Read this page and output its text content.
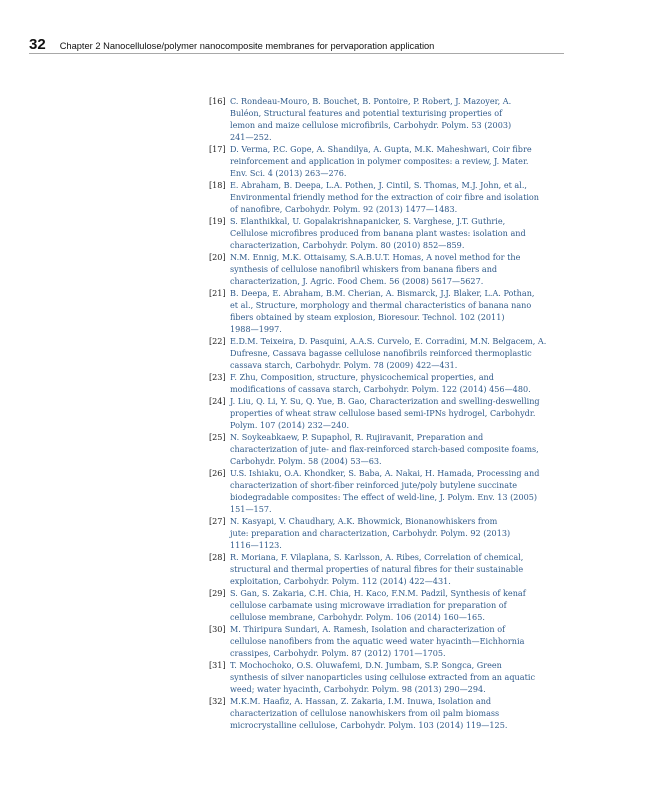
32 Chapter 2 Nanocellulose/polymer nanocomposite membranes for pervaporation application
[16] C. Rondeau-Mouro, B. Bouchet, B. Pontoire, P. Robert, J. Mazoyer, A.
Buléon, Structural features and potential texturising properties of
lemon and maize cellulose microfibrils, Carbohydr. Polym. 53 (2003)
241—252.
[17] D. Verma, P.C. Gope, A. Shandilya, A. Gupta, M.K. Maheshwari, Coir fibre
reinforcement and application in polymer composites: a review, J. Mater.
Env. Sci. 4 (2013) 263—276.
[18] E. Abraham, B. Deepa, L.A. Pothen, J. Cintil, S. Thomas, M.J. John, et al.,
Environmental friendly method for the extraction of coir fibre and isolation
of nanofibre, Carbohydr. Polym. 92 (2013) 1477—1483.
[19] S. Elanthikkal, U. Gopalakrishnapanicker, S. Varghese, J.T. Guthrie,
Cellulose microfibres produced from banana plant wastes: isolation and
characterization, Carbohydr. Polym. 80 (2010) 852—859.
[20] N.M. Ennig, M.K. Ottaisamy, S.A.B.U.T. Homas, A novel method for the
synthesis of cellulose nanofibril whiskers from banana fibers and
characterization, J. Agric. Food Chem. 56 (2008) 5617—5627.
[21] B. Deepa, E. Abraham, B.M. Cherian, A. Bismarck, J.J. Blaker, L.A. Pothan,
et al., Structure, morphology and thermal characteristics of banana nano
fibers obtained by steam explosion, Bioresour. Technol. 102 (2011)
1988—1997.
[22] E.D.M. Teixeira, D. Pasquini, A.A.S. Curvelo, E. Corradini, M.N. Belgacem, A.
Dufresne, Cassava bagasse cellulose nanofibrils reinforced thermoplastic
cassava starch, Carbohydr. Polym. 78 (2009) 422—431.
[23] F. Zhu, Composition, structure, physicochemical properties, and
modifications of cassava starch, Carbohydr. Polym. 122 (2014) 456—480.
[24] J. Liu, Q. Li, Y. Su, Q. Yue, B. Gao, Characterization and swelling-deswelling
properties of wheat straw cellulose based semi-IPNs hydrogel, Carbohydr.
Polym. 107 (2014) 232—240.
[25] N. Soykeabkaew, P. Supaphol, R. Rujiravanit, Preparation and
characterization of jute- and flax-reinforced starch-based composite foams,
Carbohydr. Polym. 58 (2004) 53—63.
[26] U.S. Ishiaku, O.A. Khondker, S. Baba, A. Nakai, H. Hamada, Processing and
characterization of short-fiber reinforced jute/poly butylene succinate
biodegradable composites: The effect of weld-line, J. Polym. Env. 13 (2005)
151—157.
[27] N. Kasyapi, V. Chaudhary, A.K. Bhowmick, Bionanowhiskers from
jute: preparation and characterization, Carbohydr. Polym. 92 (2013)
1116—1123.
[28] R. Moriana, F. Vilaplana, S. Karlsson, A. Ribes, Correlation of chemical,
structural and thermal properties of natural fibres for their sustainable
exploitation, Carbohydr. Polym. 112 (2014) 422—431.
[29] S. Gan, S. Zakaria, C.H. Chia, H. Kaco, F.N.M. Padzil, Synthesis of kenaf
cellulose carbamate using microwave irradiation for preparation of
cellulose membrane, Carbohydr. Polym. 106 (2014) 160—165.
[30] M. Thiripura Sundari, A. Ramesh, Isolation and characterization of
cellulose nanofibers from the aquatic weed water hyacinth—Eichhornia
crassipes, Carbohydr. Polym. 87 (2012) 1701—1705.
[31] T. Mochochoko, O.S. Oluwafemi, D.N. Jumbam, S.P. Songca, Green
synthesis of silver nanoparticles using cellulose extracted from an aquatic
weed; water hyacinth, Carbohydr. Polym. 98 (2013) 290—294.
[32] M.K.M. Haafiz, A. Hassan, Z. Zakaria, I.M. Inuwa, Isolation and
characterization of cellulose nanowhiskers from oil palm biomass
microcrystalline cellulose, Carbohydr. Polym. 103 (2014) 119—125.
